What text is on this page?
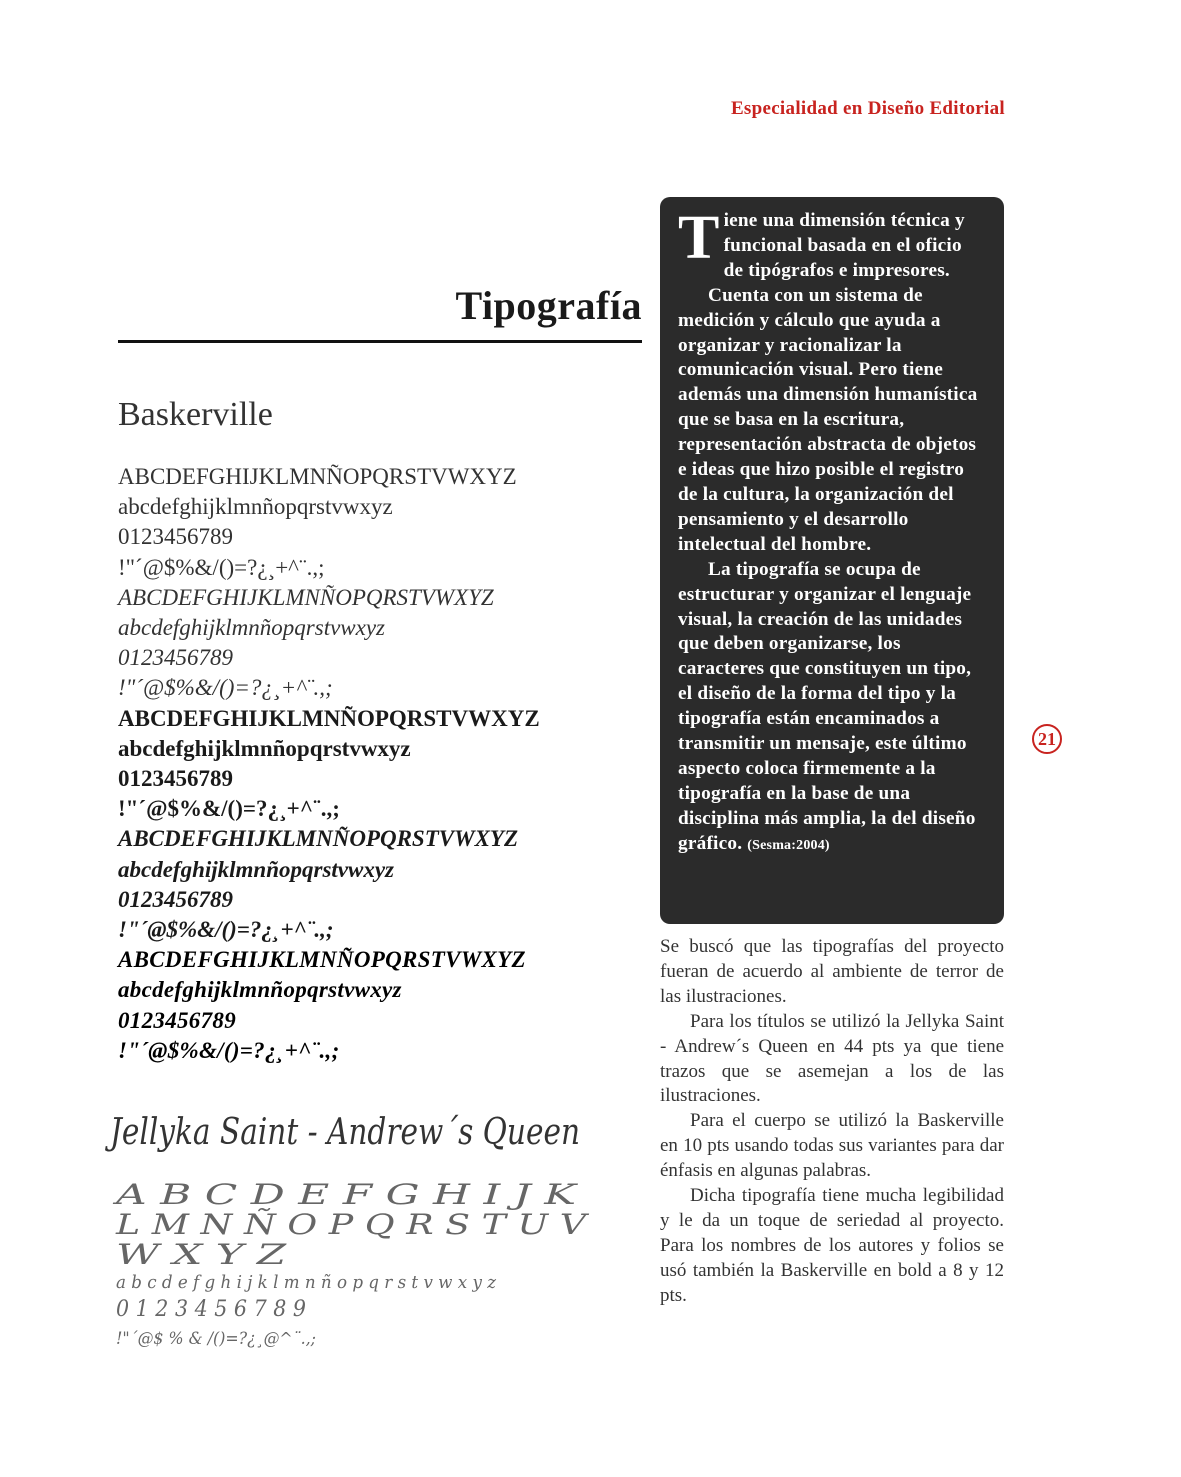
Especialidad en Diseño Editorial
Tipografía
Baskerville
ABCDEFGHIJKLMNÑOPQRSTVWXYZ
abcdefghijklmnñopqrstvwxyz
0123456789
!"´@$%&/()=?¿¸+^¨.,;
ABCDEFGHIJKLMNÑOPQRSTVWXYZ
abcdefghijklmnñopqrstvwxyz
0123456789
!"´@$%&/()=?¿¸+^¨.,;
ABCDEFGHIJKLMNÑOPQRSTVWXYZ
abcdefghijklmnñopqrstvwxyz
0123456789
!"´@$%&/()=?¿¸+^¨.,;
ABCDEFGHIJKLMNÑOPQRSTVWXYZ
abcdefghijklmnñopqrstvwxyz
0123456789
!"´@$%&/()=?¿¸+^¨.,;
ABCDEFGHIJKLMNÑOPQRSTVWXYZ
abcdefghijklmnñopqrstvwxyz
0123456789
!"´@$%&/()=?¿¸+^¨.,;
Jellyka Saint - Andrew´s Queen
A B C D E F G H I J K
L M N Ñ O P Q R S T U V
W X Y Z
a b c d e f g h i j k l m n ñ o p q r s t v w x y z
0 1 2 3 4 5 6 7 8 9
!"´@$ % & /()=?¿¸@^¨.,;

Tiene una dimensión técnica y funcional basada en el oficio de tipógrafos e impresores.

Cuenta con un sistema de medición y cálculo que ayuda a organizar y racionalizar la comunicación visual. Pero tiene además una dimensión humanística que se basa en la escritura, representación abstracta de objetos e ideas que hizo posible el registro de la cultura, la organización del pensamiento y el desarrollo intelectual del hombre.

La tipografía se ocupa de estructurar y organizar el lenguaje visual, la creación de las unidades que deben organizarse, los caracteres que constituyen un tipo, el diseño de la forma del tipo y la tipografía están encaminados a transmitir un mensaje, este último aspecto coloca firmemente a la tipografía en la base de una disciplina más amplia, la del diseño gráfico. (Sesma:2004)

Se buscó que las tipografías del proyecto fueran de acuerdo al ambiente de terror de las ilustraciones.

Para los títulos se utilizó la Jellyka Saint - Andrew´s Queen en 44 pts ya que tiene trazos que se asemejan a los de las ilustraciones.

Para el cuerpo se utilizó la Baskerville en 10 pts usando todas sus variantes para dar énfasis en algunas palabras.

Dicha tipografía tiene mucha legibilidad y le da un toque de seriedad al proyecto. Para los nombres de los autores y folios se usó también la Baskerville en bold a 8 y 12 pts.

21
